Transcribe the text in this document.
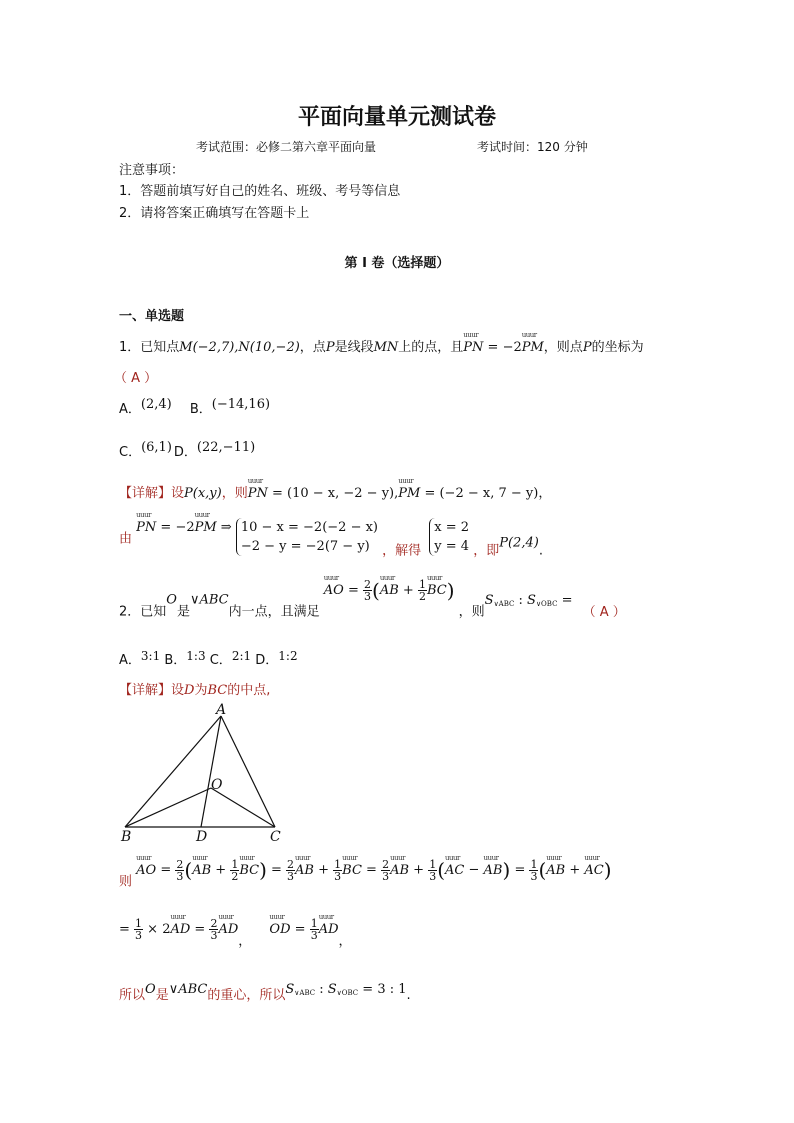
平面向量单元测试卷
考试范围：必修二第六章平面向量	考试时间：120 分钟
注意事项：
1．答题前填写好自己的姓名、班级、考号等信息
2．请将答案正确填写在答题卡上
第 I 卷（选择题）
一、单选题
1．已知点M(−2,7),N(10,−2)，点P是线段MN上的点，且uuur PN = −2uuur PM，则点P的坐标为
（ A ）
A．(2,4) B．(−14,16)
C．(6,1) D．(22,−11)
【详解】设P(x,y)，则uuur PN = (10 − x, −2 − y),uuur PM = (−2 − x, 7 − y)，
由 uuur PN = −2uuur PM ⇒ 10 − x = −2(−2 − x)
−2 − y = −2(7 − y) ，解得
x = 2
y = 4 ，即P(2,4).
2．已知O是∨ABC内一点，且满足 uuur AO = $\frac{2}{3}$ (uuur AB + $\frac{1}{2}$ uuur BC) ，则$S_{\vee ABC}$ : $S_{\vee OBC}$ = （ A ）
A．3:1 B．1:3 C．2:1 D．1:2
【详解】设D为BC的中点,
A
B	C
D
O
则 uuur AO = $\frac{2}{3}$ (uuur AB + $\frac{1}{2}$ uuur $BC) = \frac{2}{3}$ uuur AB + $\frac{1}{3}$ uuur BC = $\frac{2}{3}$ uuur AB + $\frac{1}{3}$ (uuur AC − uuur $AB) = \frac{1}{3}$ (uuur AB + uuur AC)
= $\frac{1}{3}$ × 2uuur AD = $\frac{2}{3}$ uuur AD， uuur OD = $\frac{1}{3}$ uuur AD，
所以O是∨ABC的重心，所以$S_{\vee ABC}$ : $S_{\vee OBC} = 3$ : 1.
